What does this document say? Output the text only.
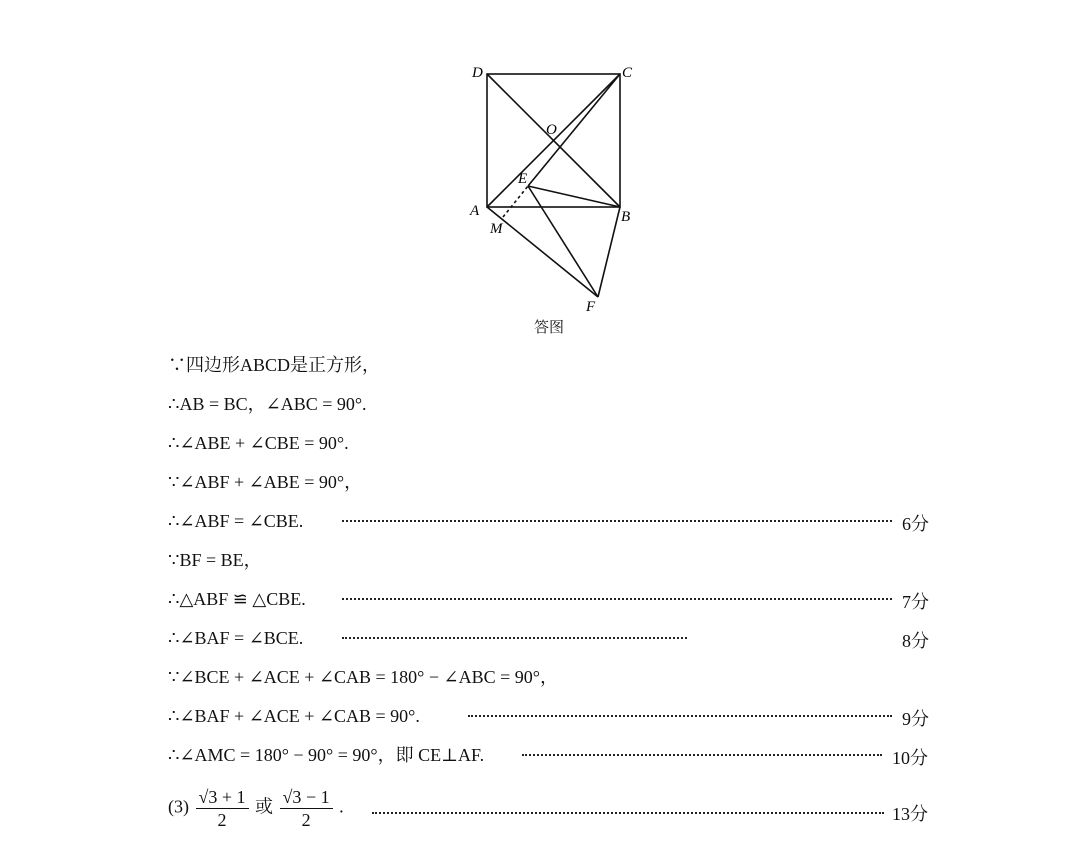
D	C
O
E
A	B
M
F
答图
∵四边形ABCD是正方形，
∴AB = BC，∠ABC = 90°.
∴∠ABE + ∠CBE = 90°.
∵∠ABF + ∠ABE = 90°，
∴∠ABF = ∠CBE.
∵BF = BE，
∴△ABF ≌ △CBE.
∴∠BAF = ∠BCE.
∵∠BCE + ∠ACE + ∠CAB = 180° − ∠ABC = 90°，
∴∠BAF + ∠ACE + ∠CAB = 90°.
∴∠AMC = 180° − 90° = 90°，即 CE⊥AF.
6分
7分
8分
9分
10分
13分
$(3) \frac{√3 + 1}{2}$ 或 $\frac{√3 - 1}{2}$ .
